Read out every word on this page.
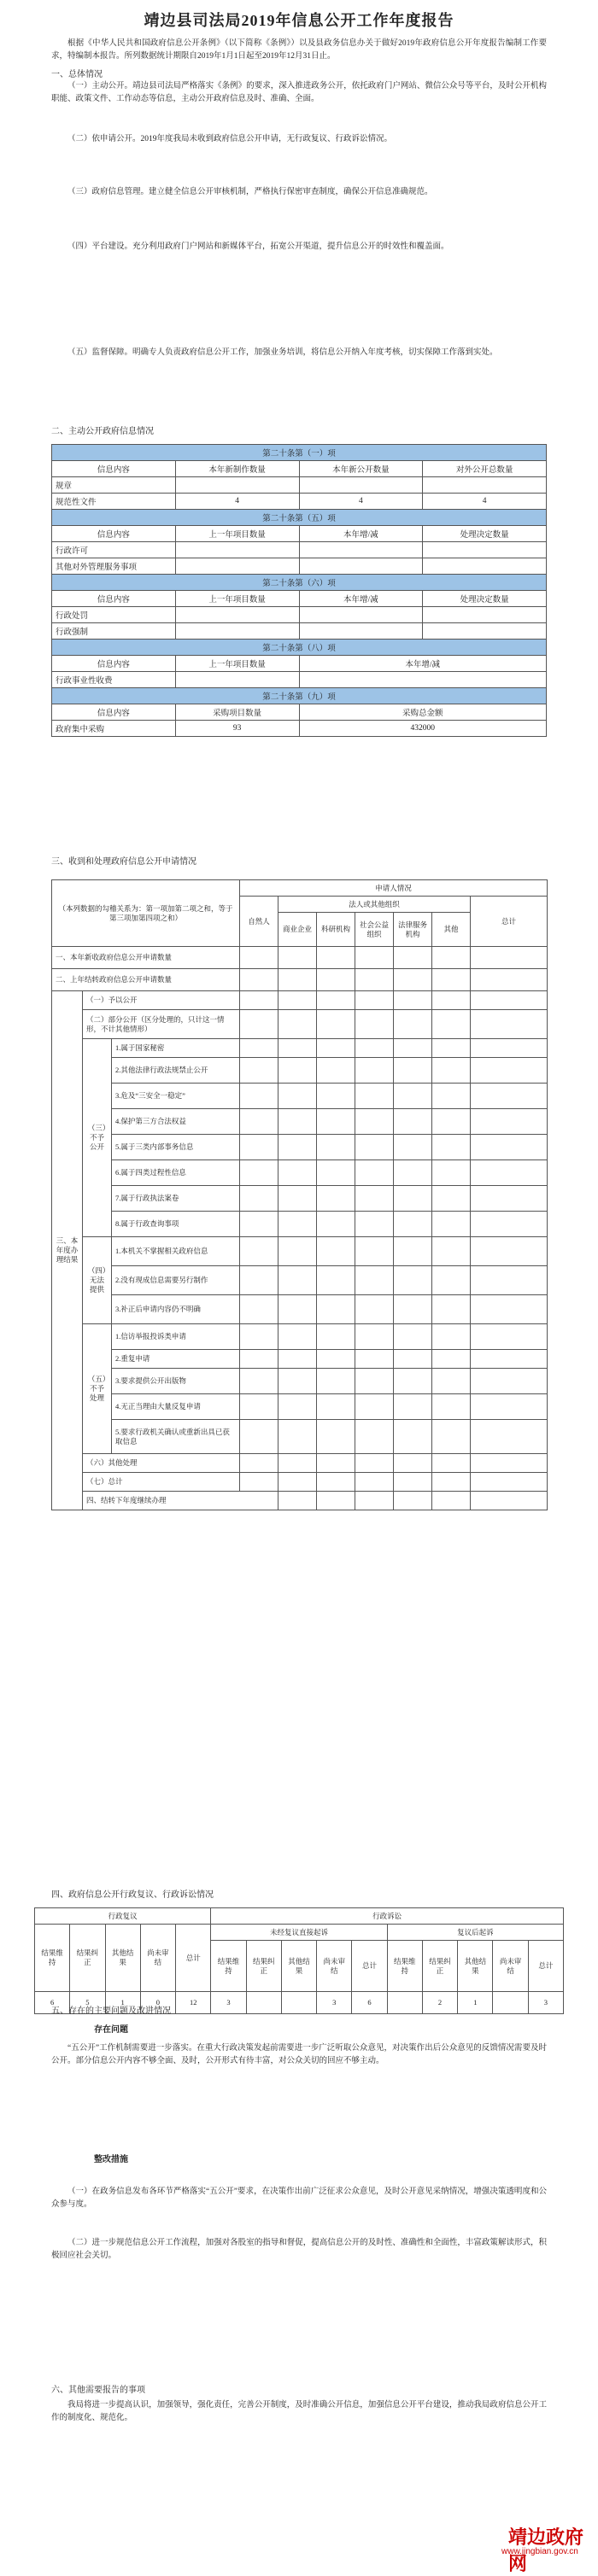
靖边县司法局2019年信息公开工作年度报告

根据《中华人民共和国政府信息公开条例》（以下简称《条例》）以及县政务信息办关于做好2019年政府信息公开年度报告编制工作要求，特编制本报告。所列数据统计期限自2019年1月1日起至2019年12月31日止。

一、总体情况

（一）主动公开。靖边县司法局严格落实《条例》的要求，深入推进政务公开，依托政府门户网站、微信公众号等平台，及时公开机构职能、政策文件、工作动态等信息，主动公开政府信息及时、准确、全面。

（二）依申请公开。2019年度我局未收到政府信息公开申请，无行政复议、行政诉讼情况。

（三）政府信息管理。建立健全信息公开审核机制，严格执行保密审查制度，确保公开信息准确规范。

（四）平台建设。充分利用政府门户网站和新媒体平台，拓宽公开渠道，提升信息公开的时效性和覆盖面。

（五）监督保障。明确专人负责政府信息公开工作，加强业务培训，将信息公开纳入年度考核，切实保障工作落到实处。

二、主动公开政府信息情况

第二十条第（一）项			
信息内容	本年新制作数量	本年新公开数量	对外公开总数量
规章			
规范性文件	4	4	4
第二十条第（五）项			
信息内容	上一年项目数量	本年增/减	处理决定数量
行政许可			
其他对外管理服务事项			
第二十条第（六）项			
信息内容	上一年项目数量	本年增/减	处理决定数量
行政处罚			
行政强制			
第二十条第（八）项			
信息内容	上一年项目数量	本年增/减	
行政事业性收费			
第二十条第（九）项			
信息内容	采购项目数量	采购总金额	
政府集中采购	93	432000	

三、收到和处理政府信息公开申请情况

（本列数据的勾稽关系为：第一项加第二项之和，等于第三项加第四项之和）			申请人情况							
			自然人	法人或其他组织					总计	
				商业企业	科研机构	社会公益组织	法律服务机构	其他		
一、本年新收政府信息公开申请数量										
二、上年结转政府信息公开申请数量										
三、本年度办理结果	（一）予以公开									
	（二）部分公开（区分处理的，只计这一情形，不计其他情形）									
	（三）不予公开	1.属于国家秘密								
		2.其他法律行政法规禁止公开								
		3.危及“三安全一稳定”								
		4.保护第三方合法权益								
		5.属于三类内部事务信息								
		6.属于四类过程性信息								
		7.属于行政执法案卷								
		8.属于行政查询事项								
	（四）无法提供	1.本机关不掌握相关政府信息								
		2.没有现成信息需要另行制作								
		3.补正后申请内容仍不明确								
	（五）不予处理	1.信访举报投诉类申请								
		2.重复申请								
		3.要求提供公开出版物								
		4.无正当理由大量反复申请								
		5.要求行政机关确认或重新出具已获取信息								
	（六）其他处理									
	（七）总计									
	四、结转下年度继续办理									

四、政府信息公开行政复议、行政诉讼情况

行政复议					行政诉讼									
结果维持	结果纠正	其他结果	尚未审结	总计	未经复议直接起诉					复议后起诉				
					结果维持	结果纠正	其他结果	尚未审结	总计	结果维持	结果纠正	其他结果	尚未审结	总计
6	5	1	0	12	3			3	6		2	1		3

五、存在的主要问题及改进情况

存在问题

“五公开”工作机制需要进一步落实。在重大行政决策发起前需要进一步广泛听取公众意见，对决策作出后公众意见的反馈情况需要及时公开。部分信息公开内容不够全面、及时，公开形式有待丰富，对公众关切的回应不够主动。

整改措施

（一）在政务信息发布各环节严格落实“五公开”要求，在决策作出前广泛征求公众意见，及时公开意见采纳情况，增强决策透明度和公众参与度。

（二）进一步规范信息公开工作流程，加强对各股室的指导和督促，提高信息公开的及时性、准确性和全面性，丰富政策解读形式，积极回应社会关切。

六、其他需要报告的事项

我局将进一步提高认识，加强领导，强化责任，完善公开制度，及时准确公开信息，加强信息公开平台建设，推动我局政府信息公开工作的制度化、规范化。

靖边政府网
www.jingbian.gov.cn
